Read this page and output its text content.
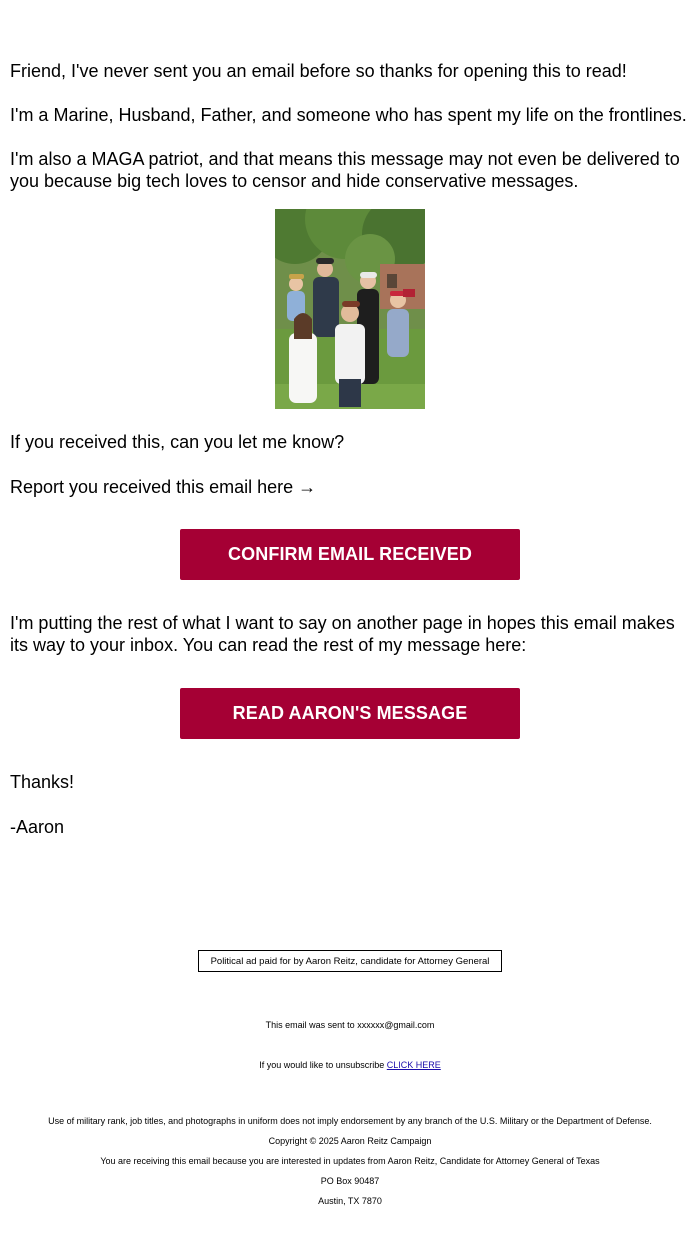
Friend, I've never sent you an email before so thanks for opening this to read!

I'm a Marine, Husband, Father, and someone who has spent my life on the frontlines.

I'm also a MAGA patriot, and that means this message may not even be delivered to you because big tech loves to censor and hide conservative messages.

If you received this, can you let me know?

Report you received this email here →

CONFIRM EMAIL RECEIVED

I'm putting the rest of what I want to say on another page in hopes this email makes its way to your inbox. You can read the rest of my message here:

READ AARON'S MESSAGE

Thanks!

-Aaron

Political ad paid for by Aaron Reitz, candidate for Attorney General

This email was sent to xxxxxx@gmail.com

If you would like to unsubscribe CLICK HERE

Use of military rank, job titles, and photographs in uniform does not imply endorsement by any branch of the U.S. Military or the Department of Defense.

Copyright © 2025 Aaron Reitz Campaign

You are receiving this email because you are interested in updates from Aaron Reitz, Candidate for Attorney General of Texas

PO Box 90487

Austin, TX 7870
